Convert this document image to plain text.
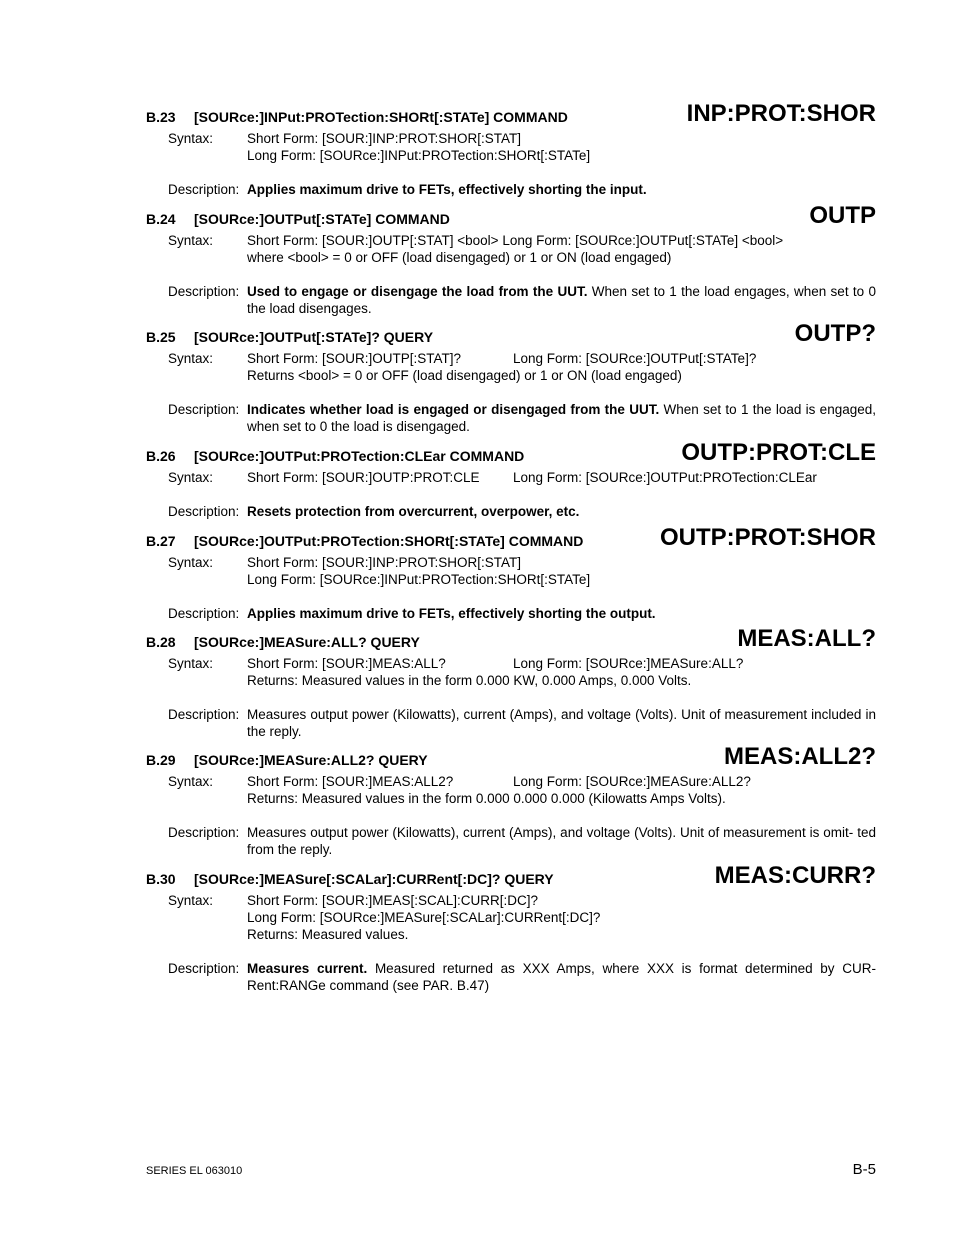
B.23 [SOURce:]INPut:PROTection:SHORt[:STATe] COMMAND	INP:PROT:SHOR
Syntax:	Short Form: [SOUR:]INP:PROT:SHOR[:STAT]
Long Form: [SOURce:]INPut:PROTection:SHORt[:STATe]
Description: Applies maximum drive to FETs, effectively shorting the input.
B.24 [SOURce:]OUTPut[:STATe] COMMAND	OUTP
Syntax:	Short Form: [SOUR:]OUTP[:STAT] <bool> Long Form: [SOURce:]OUTPut[:STATe] <bool>
where <bool> = 0 or OFF (load disengaged) or 1 or ON (load engaged)
Description: Used to engage or disengage the load from the UUT. When set to 1 the load engages, when set to 0 the load disengages.
B.25 [SOURce:]OUTPut[:STATe]? QUERY	OUTP?
Syntax:	Short Form: [SOUR:]OUTP[:STAT]?	Long Form: [SOURce:]OUTPut[:STATe]?
Returns <bool> = 0 or OFF (load disengaged) or 1 or ON (load engaged)
Description: Indicates whether load is engaged or disengaged from the UUT. When set to 1 the load is engaged, when set to 0 the load is disengaged.
B.26 [SOURce:]OUTPut:PROTection:CLEar COMMAND	OUTP:PROT:CLE
Syntax:	Short Form: [SOUR:]OUTP:PROT:CLE Long Form: [SOURce:]OUTPut:PROTection:CLEar
Description: Resets protection from overcurrent, overpower, etc.
B.27 [SOURce:]OUTPut:PROTection:SHORt[:STATe] COMMAND	OUTP:PROT:SHOR
Syntax:	Short Form: [SOUR:]INP:PROT:SHOR[:STAT]
Long Form: [SOURce:]INPut:PROTection:SHORt[:STATe]
Description: Applies maximum drive to FETs, effectively shorting the output.
B.28 [SOURce:]MEASure:ALL? QUERY	MEAS:ALL?
Syntax:	Short Form: [SOUR:]MEAS:ALL?	Long Form: [SOURce:]MEASure:ALL?
Returns: Measured values in the form 0.000 KW, 0.000 Amps, 0.000 Volts.
Description: Measures output power (Kilowatts), current (Amps), and voltage (Volts). Unit of measurement included in the reply.
B.29 [SOURce:]MEASure:ALL2? QUERY	MEAS:ALL2?
Syntax:	Short Form: [SOUR:]MEAS:ALL2?	Long Form: [SOURce:]MEASure:ALL2?
Returns: Measured values in the form 0.000 0.000 0.000 (Kilowatts Amps Volts).
Description: Measures output power (Kilowatts), current (Amps), and voltage (Volts). Unit of measurement is omit- ted from the reply.
B.30 [SOURce:]MEASure[:SCALar]:CURRent[:DC]? QUERY	MEAS:CURR?
Syntax:	Short Form: [SOUR:]MEAS[:SCAL]:CURR[:DC]?
Long Form: [SOURce:]MEASure[:SCALar]:CURRent[:DC]?
Returns: Measured values.
Description: Measures current. Measured returned as XXX Amps, where XXX is format determined by CUR- Rent:RANGe command (see PAR. B.47)
SERIES EL 063010	B-5
